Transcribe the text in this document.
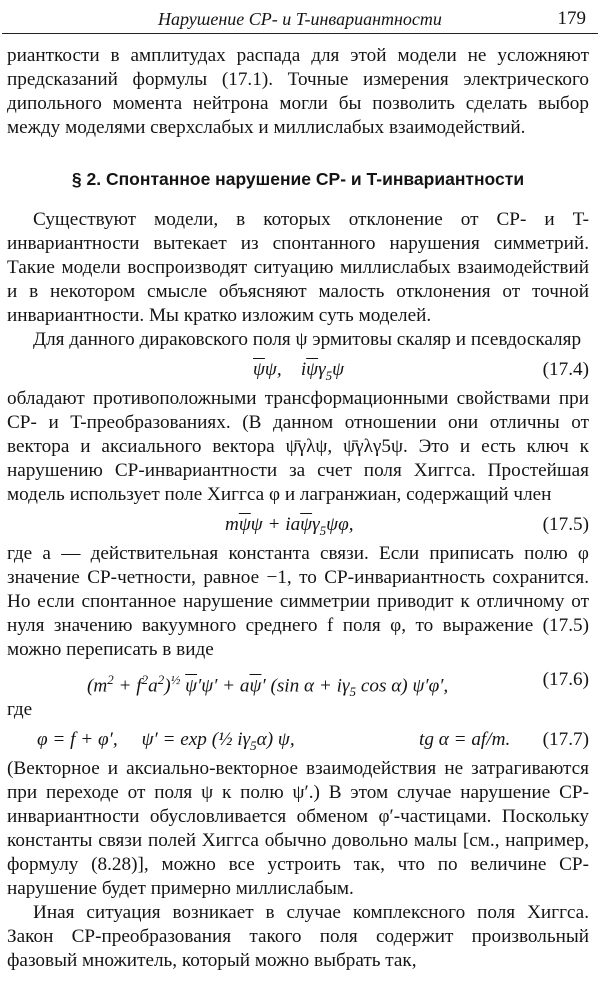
Нарушение CP- и T-инвариантности	179

рианткости в амплитудах распада для этой модели не усложняют предсказаний формулы (17.1). Точные измерения электрического дипольного момента нейтрона могли бы позволить сделать выбор между моделями сверхслабых и миллислабых взаимодействий.

§ 2. Спонтанное нарушение CP- и T-инвариантности

Существуют модели, в которых отклонение от CP- и T-инвариантности вытекает из спонтанного нарушения симметрий. Такие модели воспроизводят ситуацию миллислабых взаимодействий и в некотором смысле объясняют малость отклонения от точной инвариантности. Мы кратко изложим суть моделей.

Для данного дираковского поля ψ эрмитовы скаляр и псевдоскаляр

$\overline{\psi}\psi$,    $i\overline{\psi}\gamma_5\psi$	(17.4)

обладают противоположными трансформационными свойствами при CP- и T-преобразованиях. (В данном отношении они отличны от вектора и аксиального вектора ψ̄γλψ, ψ̄γλγ5ψ. Это и есть ключ к нарушению CP-инвариантности за счет поля Хиггса. Простейшая модель использует поле Хиггса φ и лагранжиан, содержащий член

$m\overline{\psi}\psi + ia\overline{\psi}\gamma_5\psi\varphi$,	(17.5)

где a — действительная константа связи. Если приписать полю φ значение CP-четности, равное −1, то CP-инвариантность сохранится. Но если спонтанное нарушение симметрии приводит к отличному от нуля значению вакуумного среднего f поля φ, то выражение (17.5) можно переписать в виде

$(m^2 + f^2a^2)^{\frac{1}{2}}$ $\overline{\psi}'\psi' + a\overline{\psi}'$ (sin $\alpha + i\gamma_5$ cos α) ψ′φ′,	(17.6)

где

φ = f + φ′,     ψ′ = exp (½ $i\gamma_5\alpha$) ψ,	tg α = af/m. (17.7)

(Векторное и аксиально-векторное взаимодействия не затрагиваются при переходе от поля ψ к полю ψ′.) В этом случае нарушение CP-инвариантности обусловливается обменом φ′-частицами. Поскольку константы связи полей Хиггса обычно довольно малы [см., например, формулу (8.28)], можно все устроить так, что по величине CP-нарушение будет примерно миллислабым.

Иная ситуация возникает в случае комплексного поля Хиггса. Закон CP-преобразования такого поля содержит произвольный фазовый множитель, который можно выбрать так,
